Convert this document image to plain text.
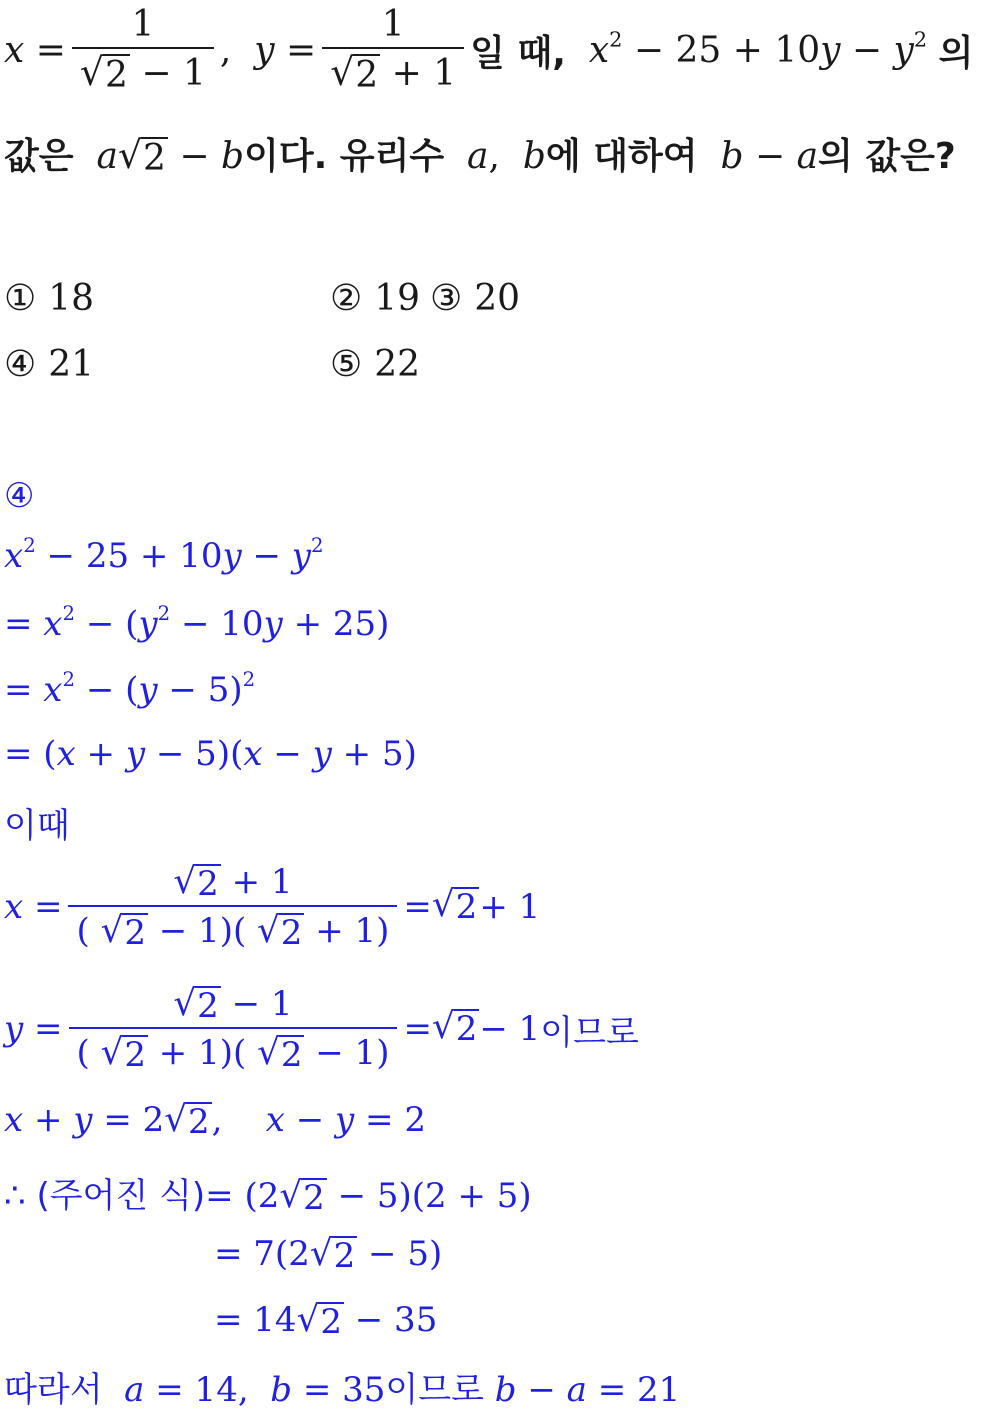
$x = \frac{1}{√ 2 - 1}$ , $y = \frac{1}{√ 2 + 1}$ 일 때, $x^2 - 25 + 10y - y^2$ 의
값은 a √ 2 − b이다. 유리수 a,  b에 대하여 b − a의 값은?
① 18	② 19 ③ 20
④ 21	⑤ 22
④
$x^2 - 25 + 10y - y^2$
= $x^2 - (y^2 - 10y + 25)$
= $x^2 - (y - 5)^2$
= (x + y − 5)(x − y + 5)
이때
$x = \frac{√ 2 + 1}{( √ 2 - 1)( √ 2 + 1)}$ = √ 2 + 1
$y = \frac{√ 2 - 1}{( √ 2 + 1)( √ 2 - 1)}$ = √ 2 − 1 이므로
x + y = 2 √ 2 ,    x − y = 2
∴ (주어진 식)= (2 √ 2 − 5)(2 + 5)
= 7(2 √ 2 − 5)
= 14 √ 2 − 35
따라서 a = 14,  b = 35이므로 b − a = 21
